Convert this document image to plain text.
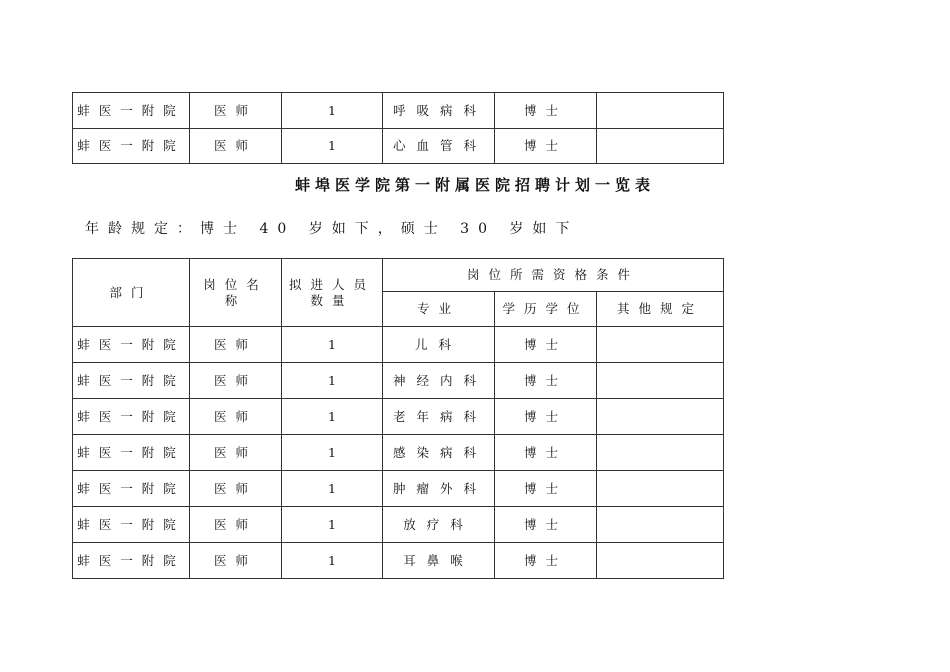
蚌医一附院	医师	1	呼吸病科	博士	
蚌医一附院	医师	1	心血管科	博士	
蚌埠医学院第一附属医院招聘计划一览表

年龄规定：博士 40 岁如下，硕士 30 岁如下

部门	岗位名称	拟进人员数量	岗位所需资格条件		
			专业	学历学位	其他规定
蚌医一附院	医师	1	儿科	博士	
蚌医一附院	医师	1	神经内科	博士	
蚌医一附院	医师	1	老年病科	博士	
蚌医一附院	医师	1	感染病科	博士	
蚌医一附院	医师	1	肿瘤外科	博士	
蚌医一附院	医师	1	放疗科	博士	
蚌医一附院	医师	1	耳鼻喉	博士	
